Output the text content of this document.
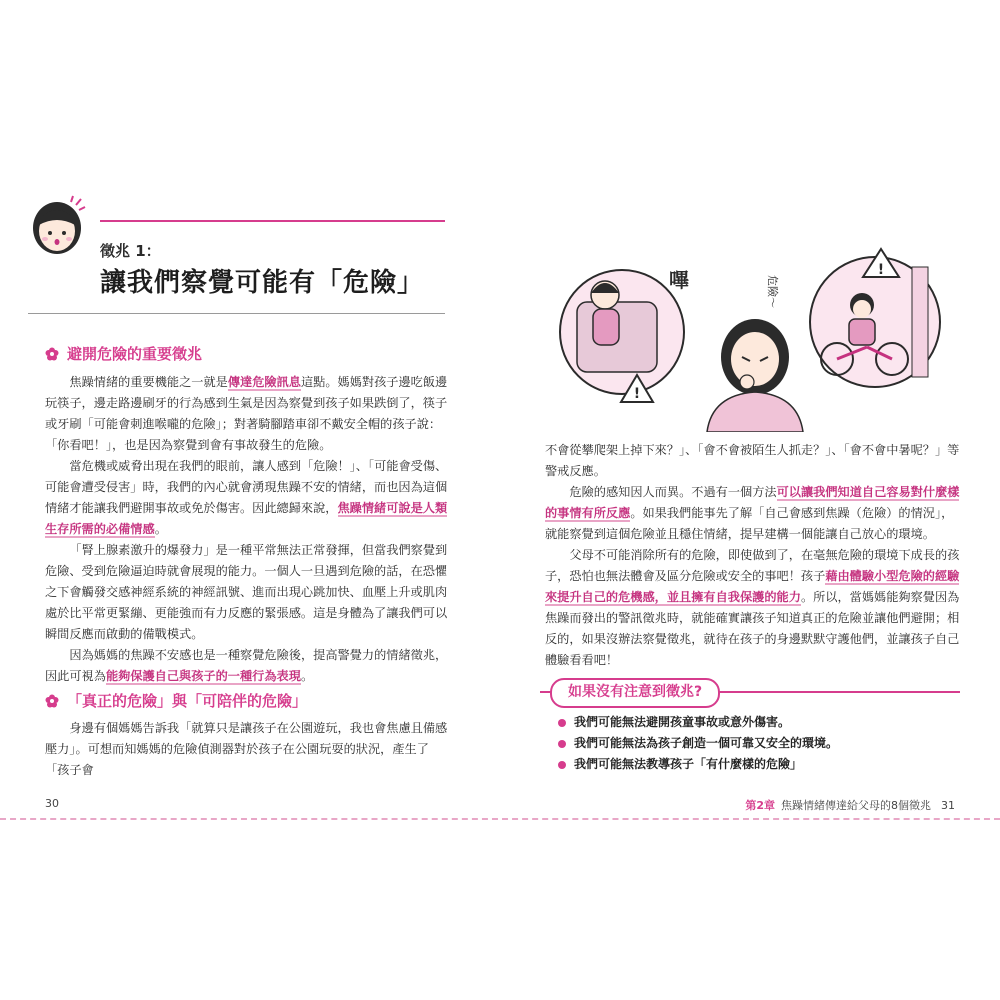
徵兆 1：
讓我們察覺可能有「危險」
避開危險的重要徵兆

焦躁情緒的重要機能之一就是傳達危險訊息這點。媽媽對孩子邊吃飯邊玩筷子，邊走路邊刷牙的行為感到生氣是因為察覺到孩子如果跌倒了，筷子或牙刷「可能會刺進喉嚨的危險」；對著騎腳踏車卻不戴安全帽的孩子說：「你看吧！」，也是因為察覺到會有事故發生的危險。

當危機或威脅出現在我們的眼前，讓人感到「危險！」、「可能會受傷、可能會遭受侵害」時，我們的內心就會湧現焦躁不安的情緒，而也因為這個情緒才能讓我們避開事故或免於傷害。因此總歸來說，焦躁情緒可說是人類生存所需的必備情感。

「腎上腺素激升的爆發力」是一種平常無法正常發揮，但當我們察覺到危險、受到危險逼迫時就會展現的能力。一個人一旦遇到危險的話，在恐懼之下會觸發交感神經系統的神經訊號、進而出現心跳加快、血壓上升或肌肉處於比平常更緊繃、更能強而有力反應的緊張感。這是身體為了讓我們可以瞬間反應而啟動的備戰模式。

因為媽媽的焦躁不安感也是一種察覺危險後，提高警覺力的情緒徵兆，因此可視為能夠保護自己與孩子的一種行為表現。

「真正的危險」與「可陪伴的危險」

身邊有個媽媽告訴我「就算只是讓孩子在公園遊玩，我也會焦慮且備感壓力」。可想而知媽媽的危險偵測器對於孩子在公園玩耍的狀況，產生了「孩子會

30
!
嗶	!
危險～

不會從攀爬架上掉下來？」、「會不會被陌生人抓走？」、「會不會中暑呢？」等警戒反應。

危險的感知因人而異。不過有一個方法可以讓我們知道自己容易對什麼樣的事情有所反應。如果我們能事先了解「自己會感到焦躁（危險）的情況」，就能察覺到這個危險並且穩住情緒，提早建構一個能讓自己放心的環境。

父母不可能消除所有的危險，即使做到了，在毫無危險的環境下成長的孩子，恐怕也無法體會及區分危險或安全的事吧！孩子藉由體驗小型危險的經驗來提升自己的危機感，並且擁有自我保護的能力。所以，當媽媽能夠察覺因為焦躁而發出的警訊徵兆時，就能確實讓孩子知道真正的危險並讓他們避開；相反的，如果沒辦法察覺徵兆，就待在孩子的身邊默默守護他們，並讓孩子自己體驗看看吧！

如果沒有注意到徵兆?
我們可能無法避開孩童事故或意外傷害。
我們可能無法為孩子創造一個可靠又安全的環境。
我們可能無法教導孩子「有什麼樣的危險」
第2章 焦躁情緒傳達給父母的8個徵兆 31
